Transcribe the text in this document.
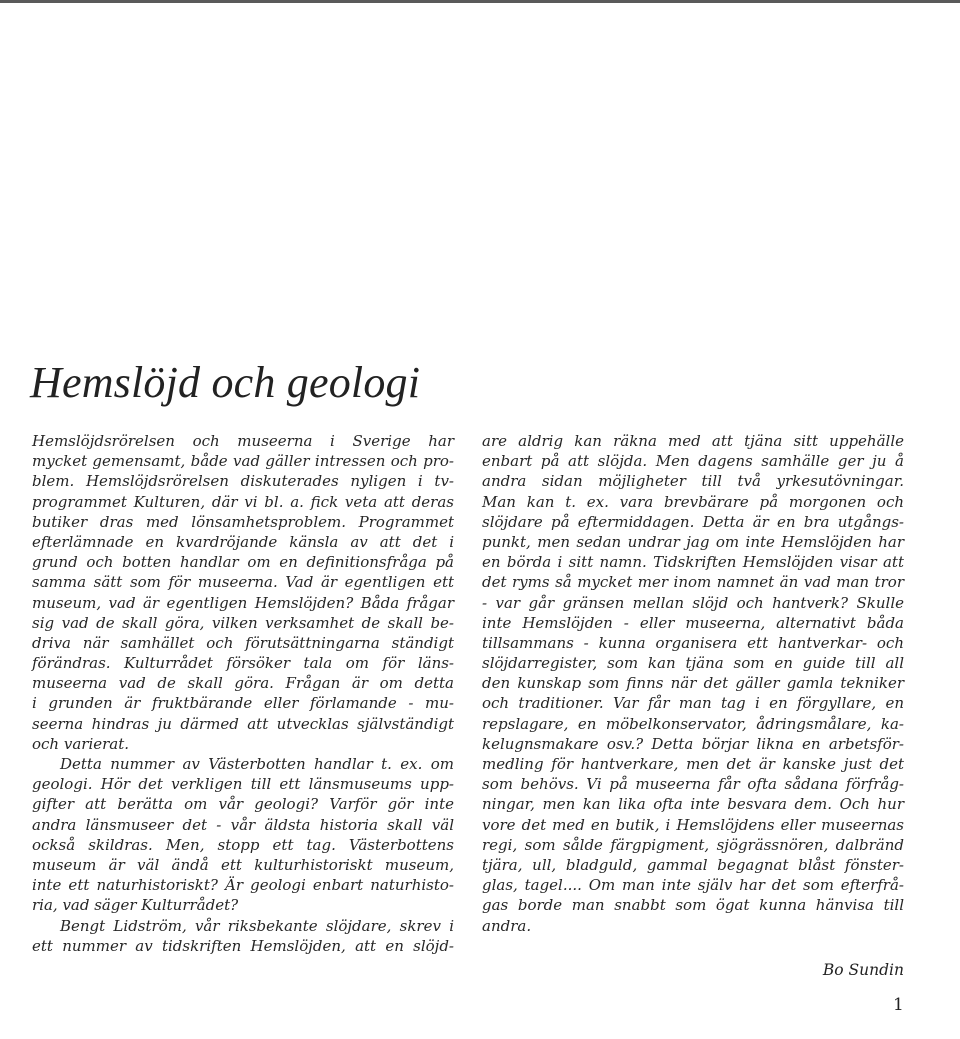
Hemslöjd och geologi
Hemslöjdsrörelsen och museerna i Sverige har
mycket gemensamt, både vad gäller intressen och pro-
blem. Hemslöjdsrörelsen diskuterades nyligen i tv-
programmet Kulturen, där vi bl. a. fick veta att deras
butiker dras med lönsamhetsproblem. Programmet
efterlämnade en kvardröjande känsla av att det i
grund och botten handlar om en definitionsfråga på
samma sätt som för museerna. Vad är egentligen ett
museum, vad är egentligen Hemslöjden? Båda frågar
sig vad de skall göra, vilken verksamhet de skall be-
driva när samhället och förutsättningarna ständigt
förändras. Kulturrådet försöker tala om för läns-
museerna vad de skall göra. Frågan är om detta
i grunden är fruktbärande eller förlamande - mu-
seerna hindras ju därmed att utvecklas självständigt
och varierat.
Detta nummer av Västerbotten handlar t. ex. om
geologi. Hör det verkligen till ett länsmuseums upp-
gifter att berätta om vår geologi? Varför gör inte
andra länsmuseer det - vår äldsta historia skall väl
också skildras. Men, stopp ett tag. Västerbottens
museum är väl ändå ett kulturhistoriskt museum,
inte ett naturhistoriskt? Är geologi enbart naturhisto-
ria, vad säger Kulturrådet?
Bengt Lidström, vår riksbekante slöjdare, skrev i
ett nummer av tidskriften Hemslöjden, att en slöjd-
are aldrig kan räkna med att tjäna sitt uppehälle
enbart på att slöjda. Men dagens samhälle ger ju å
andra sidan möjligheter till två yrkesutövningar.
Man kan t. ex. vara brevbärare på morgonen och
slöjdare på eftermiddagen. Detta är en bra utgångs-
punkt, men sedan undrar jag om inte Hemslöjden har
en börda i sitt namn. Tidskriften Hemslöjden visar att
det ryms så mycket mer inom namnet än vad man tror
- var går gränsen mellan slöjd och hantverk? Skulle
inte Hemslöjden - eller museerna, alternativt båda
tillsammans - kunna organisera ett hantverkar- och
slöjdarregister, som kan tjäna som en guide till all
den kunskap som finns när det gäller gamla tekniker
och traditioner. Var får man tag i en förgyllare, en
repslagare, en möbelkonservator, ådringsmålare, ka-
kelugnsmakare osv.? Detta börjar likna en arbetsför-
medling för hantverkare, men det är kanske just det
som behövs. Vi på museerna får ofta sådana förfråg-
ningar, men kan lika ofta inte besvara dem. Och hur
vore det med en butik, i Hemslöjdens eller museernas
regi, som sålde färgpigment, sjögrässnören, dalbränd
tjära, ull, bladguld, gammal begagnat blåst fönster-
glas, tagel.... Om man inte själv har det som efterfrå-
gas borde man snabbt som ögat kunna hänvisa till
andra.
Bo Sundin
1
